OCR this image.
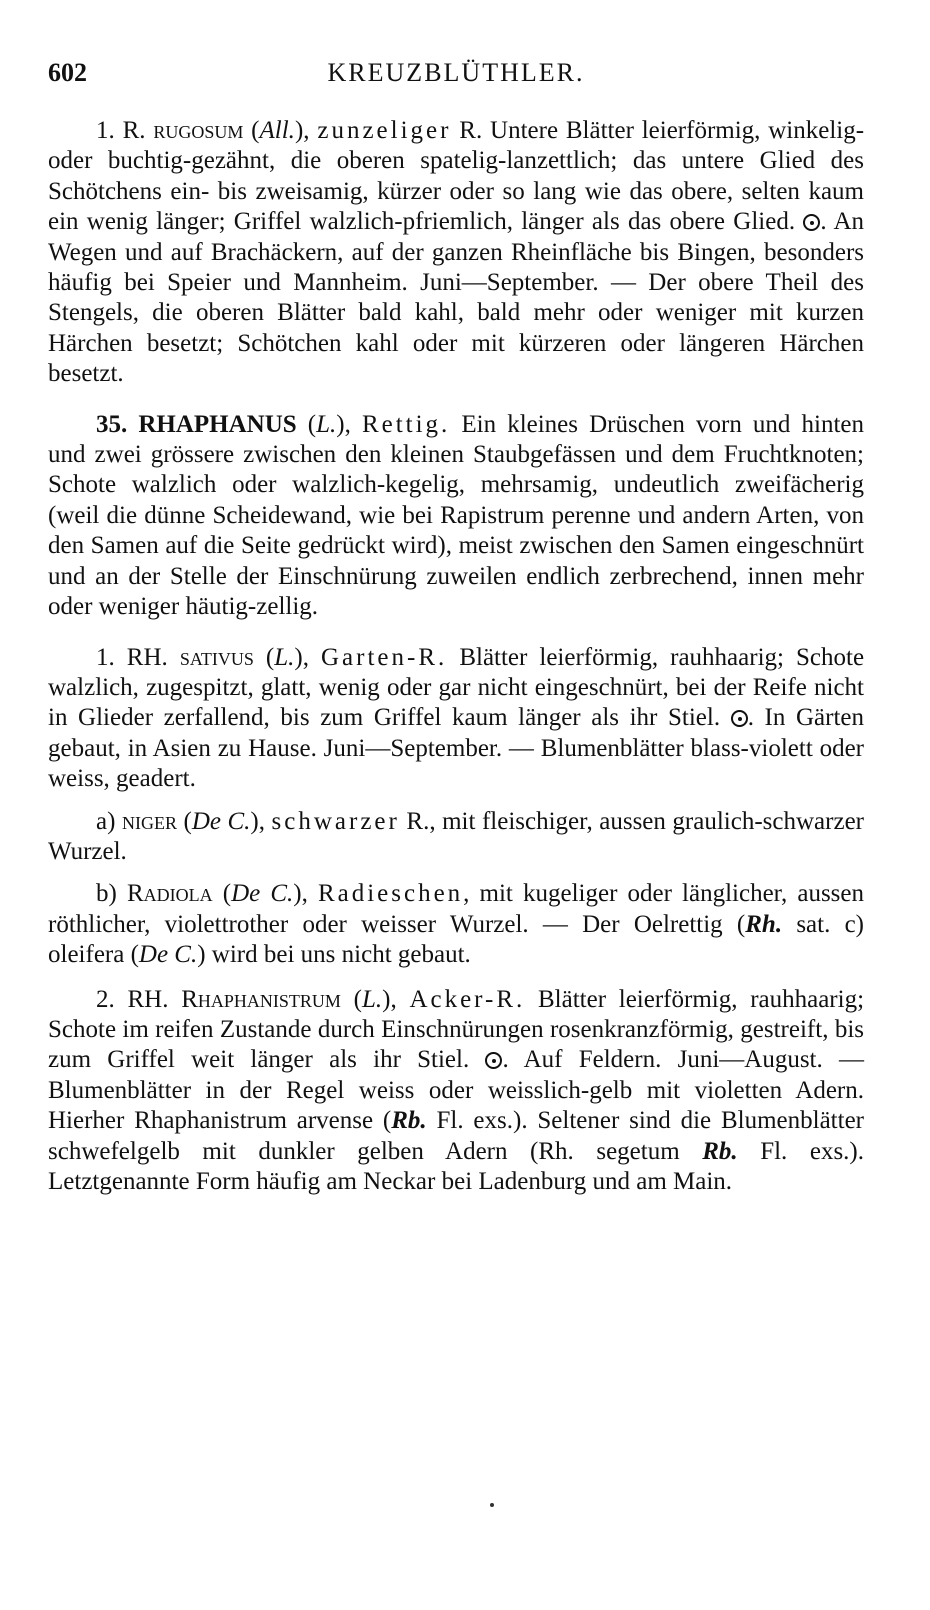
602	KREUZBLÜTHLER.

1. R. rugosum (All.), zunzeliger R. Untere Blätter leierförmig, winkelig- oder buchtig-gezähnt, die oberen spatelig-lanzettlich; das untere Glied des Schötchens ein- bis zweisamig, kürzer oder so lang wie das obere, selten kaum ein wenig länger; Griffel walzlich-pfriemlich, länger als das obere Glied. . An Wegen und auf Brachäckern, auf der ganzen Rheinfläche bis Bingen, besonders häufig bei Speier und Mannheim. Juni—September. — Der obere Theil des Stengels, die oberen Blätter bald kahl, bald mehr oder weniger mit kurzen Härchen besetzt; Schötchen kahl oder mit kürzeren oder längeren Härchen besetzt.

35. RHAPHANUS (L.), Rettig. Ein kleines Drüschen vorn und hinten und zwei grössere zwischen den kleinen Staubgefässen und dem Fruchtknoten; Schote walzlich oder walzlich-kegelig, mehrsamig, undeutlich zweifächerig (weil die dünne Scheidewand, wie bei Rapistrum perenne und andern Arten, von den Samen auf die Seite gedrückt wird), meist zwischen den Samen eingeschnürt und an der Stelle der Einschnürung zuweilen endlich zerbrechend, innen mehr oder weniger häutig-zellig.

1. RH. sativus (L.), Garten-R. Blätter leierförmig, rauhhaarig; Schote walzlich, zugespitzt, glatt, wenig oder gar nicht eingeschnürt, bei der Reife nicht in Glieder zerfallend, bis zum Griffel kaum länger als ihr Stiel. . In Gärten gebaut, in Asien zu Hause. Juni—September. — Blumenblätter blass-violett oder weiss, geadert.

a) niger (De C.), schwarzer R., mit fleischiger, aussen graulich-schwarzer Wurzel.

b) Radiola (De C.), Radieschen, mit kugeliger oder länglicher, aussen röthlicher, violettrother oder weisser Wurzel. — Der Oelrettig (Rh. sat. c) oleifera (De C.) wird bei uns nicht gebaut.

2. RH. Rhaphanistrum (L.), Acker-R. Blätter leierförmig, rauhhaarig; Schote im reifen Zustande durch Einschnürungen rosenkranzförmig, gestreift, bis zum Griffel weit länger als ihr Stiel. . Auf Feldern. Juni—August. — Blumenblätter in der Regel weiss oder weisslich-gelb mit violetten Adern. Hierher Rhaphanistrum arvense (Rb. Fl. exs.). Seltener sind die Blumenblätter schwefelgelb mit dunkler gelben Adern (Rh. segetum Rb. Fl. exs.). Letztgenannte Form häufig am Neckar bei Ladenburg und am Main.
